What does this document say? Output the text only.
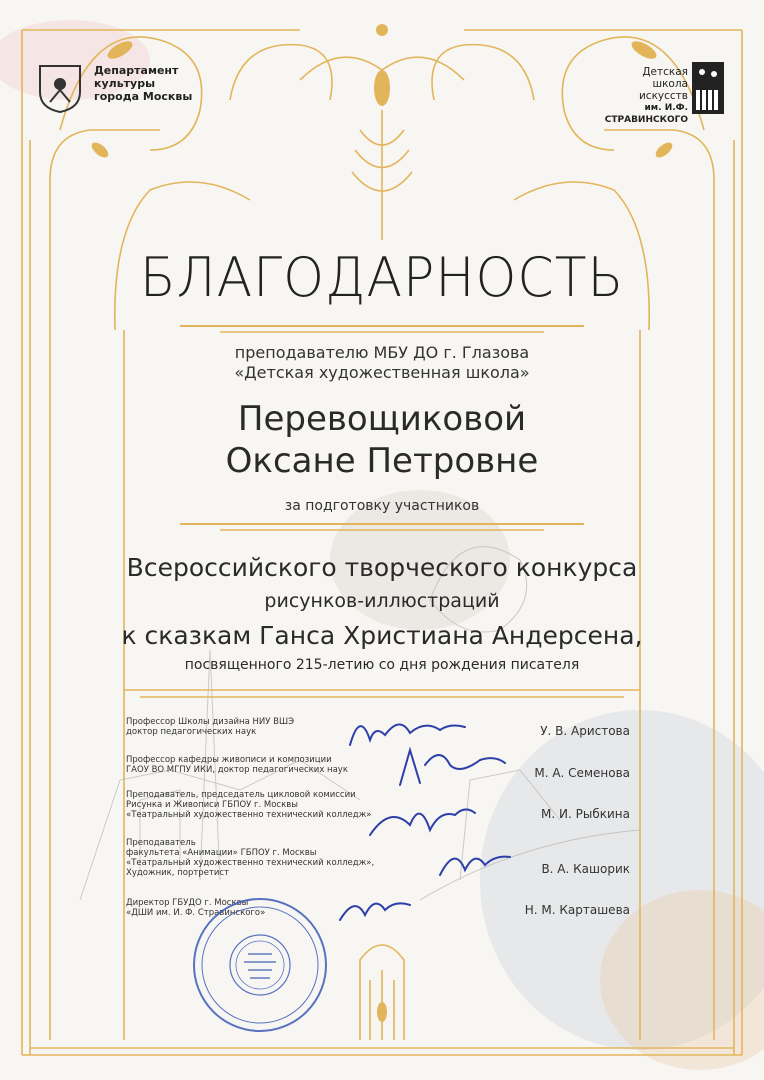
Департамент
культуры
города Москвы
Детская
школа
искусств
им. И.Ф. СТРАВИНСКОГО
БЛАГОДАРНОСТЬ
преподавателю МБУ ДО г. Глазова
«Детская художественная школа»
Перевощиковой
Оксане Петровне
за подготовку участников
Всероссийского творческого конкурса
рисунков-иллюстраций
к сказкам Ганса Христиана Андерсена,
посвященного 215-летию со дня рождения писателя
Профессор Школы дизайна НИУ ВШЭ
доктор педагогических наук	У. В. Аристова
Профессор кафедры живописи и композиции
ГАОУ ВО МГПУ ИКИ, доктор педагогических наук	М. А. Семенова
Преподаватель, председатель цикловой комиссии
Рисунка и Живописи ГБПОУ г. Москвы
«Театральный художественно технический колледж»	М. И. Рыбкина
Преподаватель
факультета «Анимации» ГБПОУ г. Москвы
«Театральный художественно технический колледж»,
Художник, портретист	В. А. Кашорик
Директор ГБУДО г. Москвы
«ДШИ им. И. Ф. Стравинского»	Н. М. Карташева
